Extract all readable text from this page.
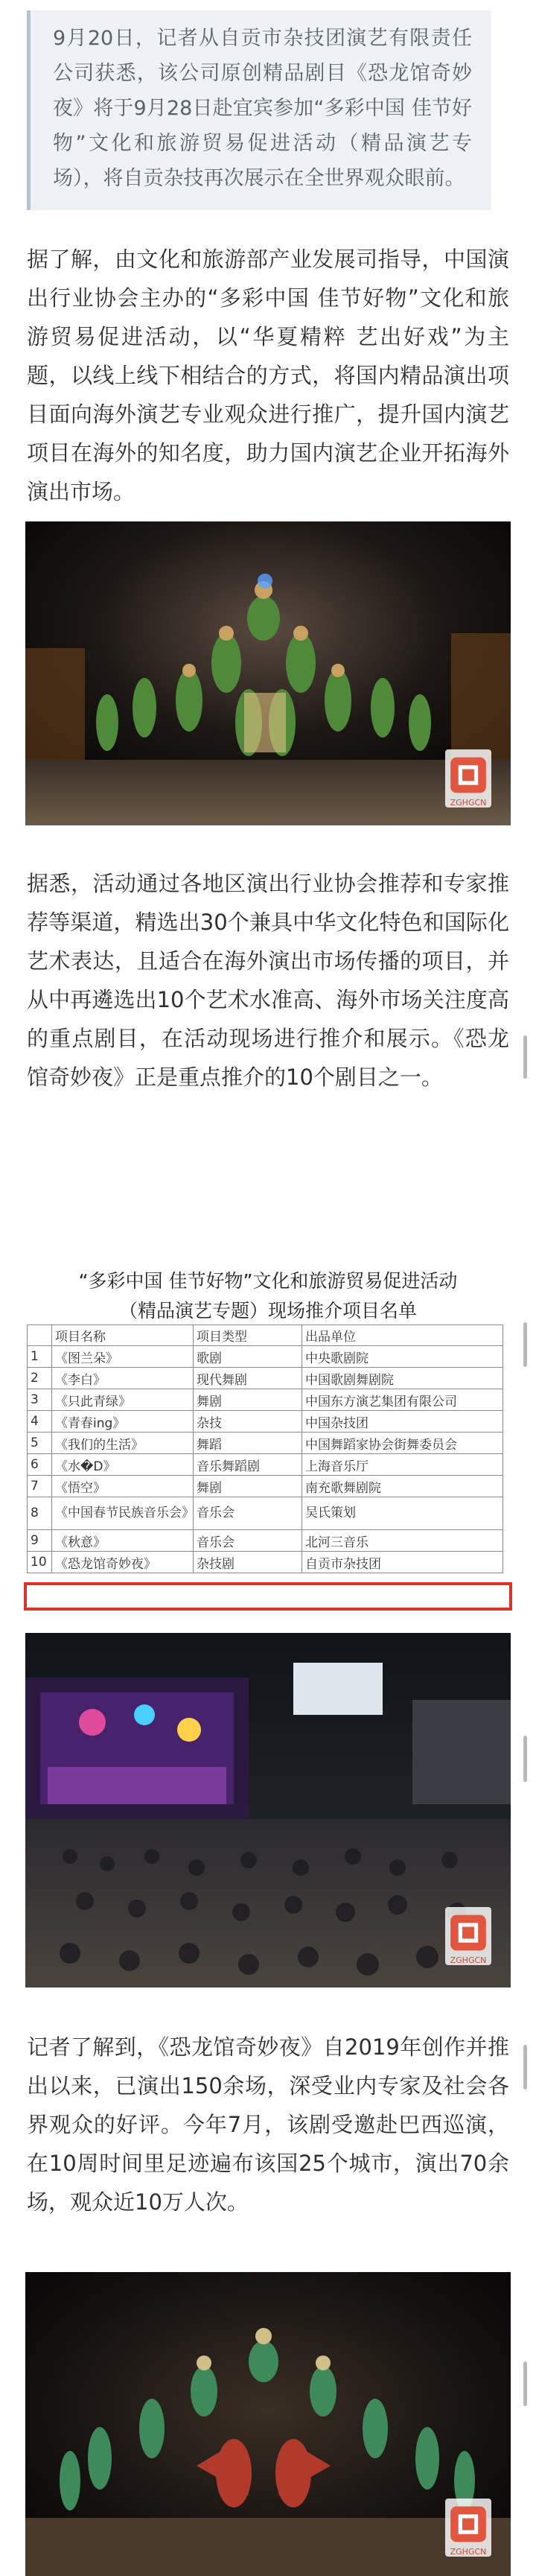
9月20日，记者从自贡市杂技团演艺有限责任公司获悉，该公司原创精品剧目《恐龙馆奇妙夜》将于9月28日赴宜宾参加“多彩中国 佳节好物”文化和旅游贸易促进活动（精品演艺专场），将自贡杂技再次展示在全世界观众眼前。

据了解，由文化和旅游部产业发展司指导，中国演出行业协会主办的“多彩中国 佳节好物”文化和旅游贸易促进活动，以“华夏精粹 艺出好戏”为主题，以线上线下相结合的方式，将国内精品演出项目面向海外演艺专业观众进行推广，提升国内演艺项目在海外的知名度，助力国内演艺企业开拓海外演出市场。

ZGHGCN

据悉，活动通过各地区演出行业协会推荐和专家推荐等渠道，精选出30个兼具中华文化特色和国际化艺术表达，且适合在海外演出市场传播的项目，并从中再遴选出10个艺术水准高、海外市场关注度高的重点剧目，在活动现场进行推介和展示。《恐龙馆奇妙夜》正是重点推介的10个剧目之一。

“多彩中国 佳节好物”文化和旅游贸易促进活动
（精品演艺专题）现场推介项目名单
	项目名称	项目类型	出品单位
1	《图兰朵》	歌剧	中央歌剧院
2	《李白》	现代舞剧	中国歌剧舞剧院
3	《只此青绿》	舞剧	中国东方演艺集团有限公司
4	《青春ing》	杂技	中国杂技团
5	《我们的生活》	舞蹈	中国舞蹈家协会街舞委员会
6	《水�D》	音乐舞蹈剧	上海音乐厅
7	《悟空》	舞剧	南充歌舞剧院
8	《中国春节民族音乐会》	音乐会	吴氏策划
9	《秋意》	音乐会	北河三音乐
10	《恐龙馆奇妙夜》	杂技剧	自贡市杂技团
ZGHGCN

记者了解到，《恐龙馆奇妙夜》自2019年创作并推出以来，已演出150余场，深受业内专家及社会各界观众的好评。今年7月，该剧受邀赴巴西巡演，在10周时间里足迹遍布该国25个城市，演出70余场，观众近10万人次。

ZGHGCN
